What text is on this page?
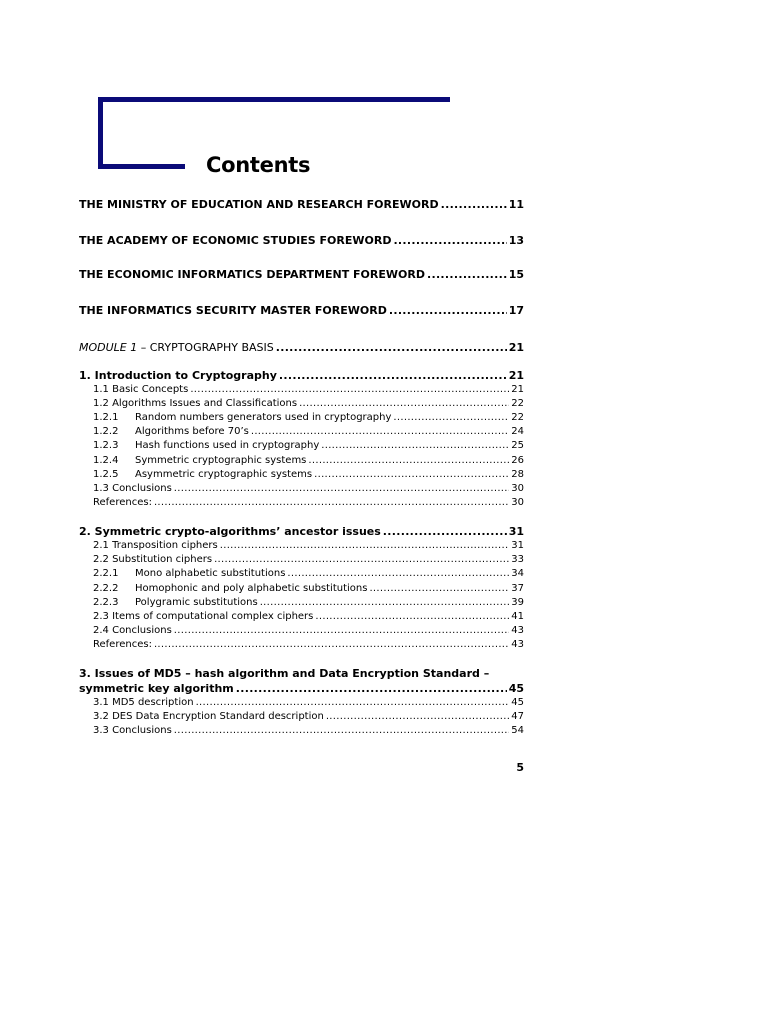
Contents
THE MINISTRY OF EDUCATION AND RESEARCH FOREWORD .....	11
THE ACADEMY OF ECONOMIC STUDIES FOREWORD .....	13
THE ECONOMIC INFORMATICS DEPARTMENT FOREWORD .....	15
THE INFORMATICS SECURITY MASTER FOREWORD .....	17
MODULE 1 – CRYPTOGRAPHY BASIS .....	21
1. Introduction to Cryptography .....	21
1.1 Basic Concepts .....	21
1.2 Algorithms Issues and Classifications .....	22
1.2.1 Random numbers generators used in cryptography .....	22
1.2.2 Algorithms before 70’s .....	24
1.2.3 Hash functions used in cryptography .....	25
1.2.4 Symmetric cryptographic systems .....	26
1.2.5 Asymmetric cryptographic systems .....	28
1.3 Conclusions .....	30
References: .....	30
2. Symmetric crypto-algorithms’ ancestor issues .....	31
2.1 Transposition ciphers .....	31
2.2 Substitution ciphers .....	33
2.2.1 Mono alphabetic substitutions .....	34
2.2.2 Homophonic and poly alphabetic substitutions .....	37
2.2.3 Polygramic substitutions .....	39
2.3 Items of computational complex ciphers .....	41
2.4 Conclusions .....	43
References: .....	43
3. Issues of MD5 – hash algorithm and Data Encryption Standard –
symmetric key algorithm .....	45
3.1 MD5 description .....	45
3.2 DES Data Encryption Standard description .....	47
3.3 Conclusions .....	54
5
